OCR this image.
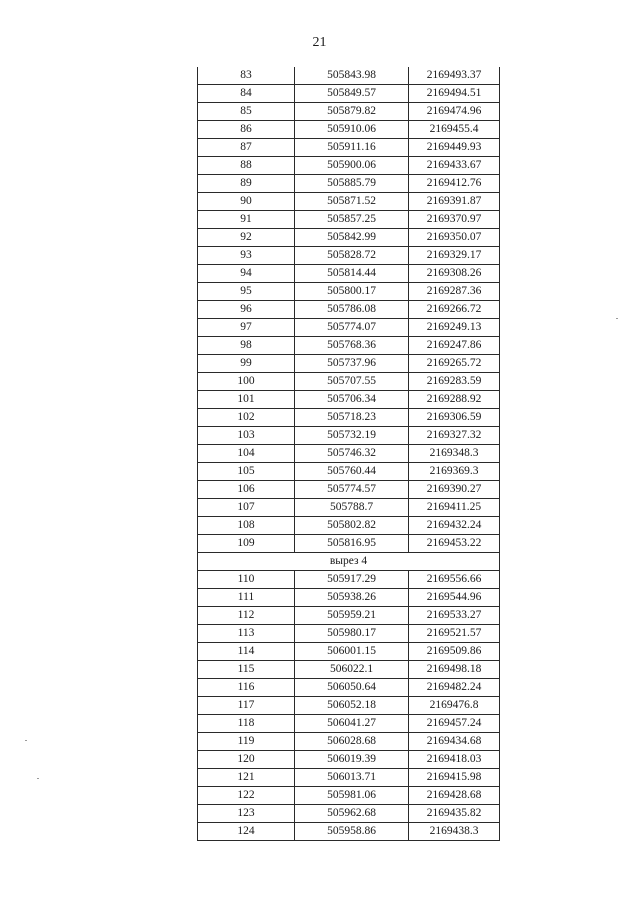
21
83	505843.98	2169493.37
84	505849.57	2169494.51
85	505879.82	2169474.96
86	505910.06	2169455.4
87	505911.16	2169449.93
88	505900.06	2169433.67
89	505885.79	2169412.76
90	505871.52	2169391.87
91	505857.25	2169370.97
92	505842.99	2169350.07
93	505828.72	2169329.17
94	505814.44	2169308.26
95	505800.17	2169287.36
96	505786.08	2169266.72
97	505774.07	2169249.13
98	505768.36	2169247.86
99	505737.96	2169265.72
100	505707.55	2169283.59
101	505706.34	2169288.92
102	505718.23	2169306.59
103	505732.19	2169327.32
104	505746.32	2169348.3
105	505760.44	2169369.3
106	505774.57	2169390.27
107	505788.7	2169411.25
108	505802.82	2169432.24
109	505816.95	2169453.22
вырез 4		
110	505917.29	2169556.66
111	505938.26	2169544.96
112	505959.21	2169533.27
113	505980.17	2169521.57
114	506001.15	2169509.86
115	506022.1	2169498.18
116	506050.64	2169482.24
117	506052.18	2169476.8
118	506041.27	2169457.24
119	506028.68	2169434.68
120	506019.39	2169418.03
121	506013.71	2169415.98
122	505981.06	2169428.68
123	505962.68	2169435.82
124	505958.86	2169438.3
